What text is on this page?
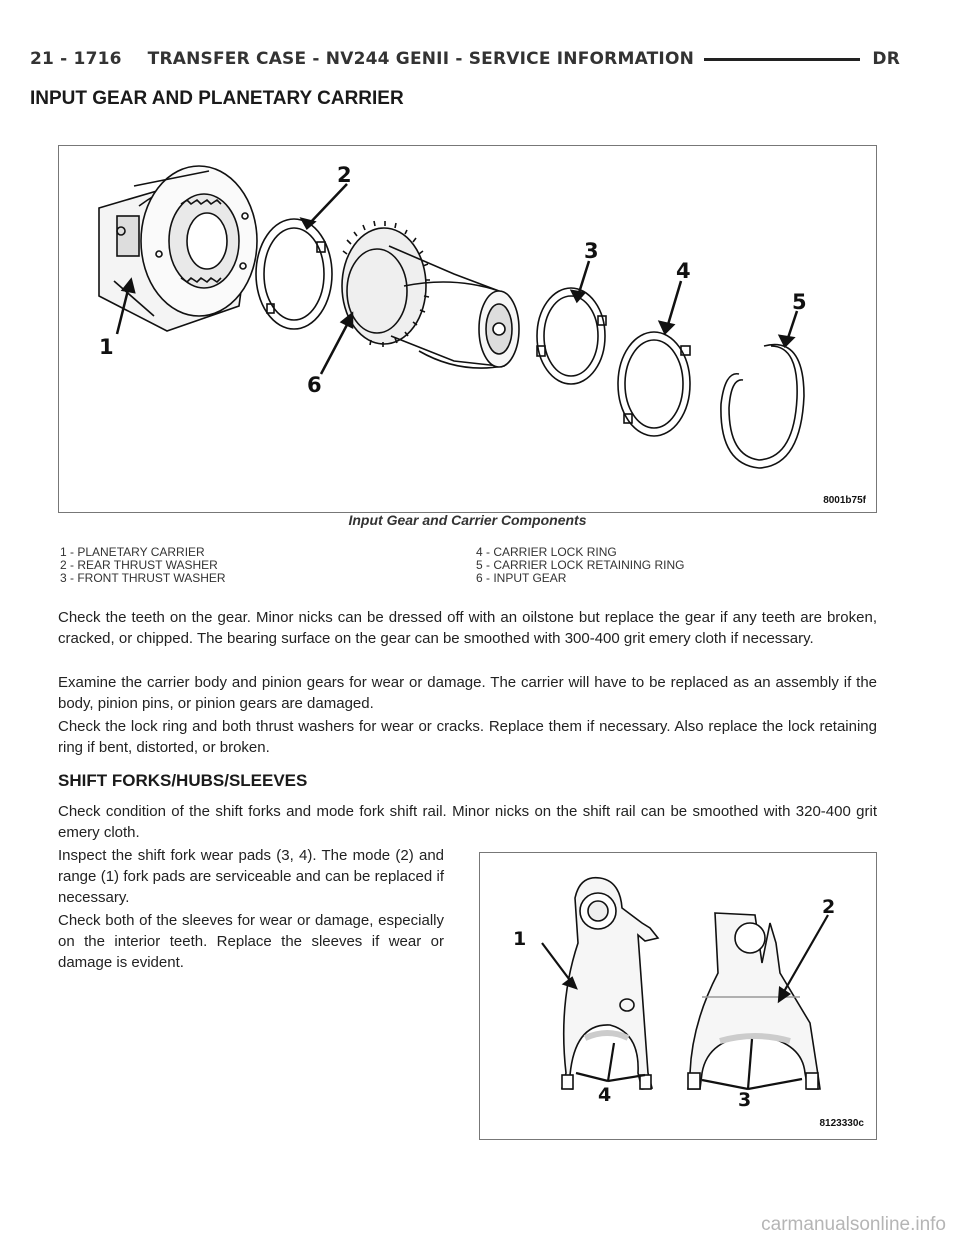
21 - 1716 TRANSFER CASE - NV244 GENII - SERVICE INFORMATION	DR
INPUT GEAR AND PLANETARY CARRIER
2
3
4
5
1
6
8001b75f
Input Gear and Carrier Components
1 - PLANETARY CARRIER
2 - REAR THRUST WASHER
3 - FRONT THRUST WASHER
4 - CARRIER LOCK RING
5 - CARRIER LOCK RETAINING RING
6 - INPUT GEAR

Check the teeth on the gear. Minor nicks can be dressed off with an oilstone but replace the gear if any teeth are broken, cracked, or chipped. The bearing surface on the gear can be smoothed with 300-400 grit emery cloth if necessary.

Examine the carrier body and pinion gears for wear or damage. The carrier will have to be replaced as an assembly if the body, pinion pins, or pinion gears are damaged.

Check the lock ring and both thrust washers for wear or cracks. Replace them if necessary. Also replace the lock retaining ring if bent, distorted, or broken.

SHIFT FORKS/HUBS/SLEEVES

Check condition of the shift forks and mode fork shift rail. Minor nicks on the shift rail can be smoothed with 320-400 grit emery cloth.

Inspect the shift fork wear pads (3, 4). The mode (2) and range (1) fork pads are serviceable and can be replaced if necessary.

Check both of the sleeves for wear or damage, especially on the interior teeth. Replace the sleeves if wear or damage is evident.

1
2
3
4
8123330c
carmanualsonline.info
